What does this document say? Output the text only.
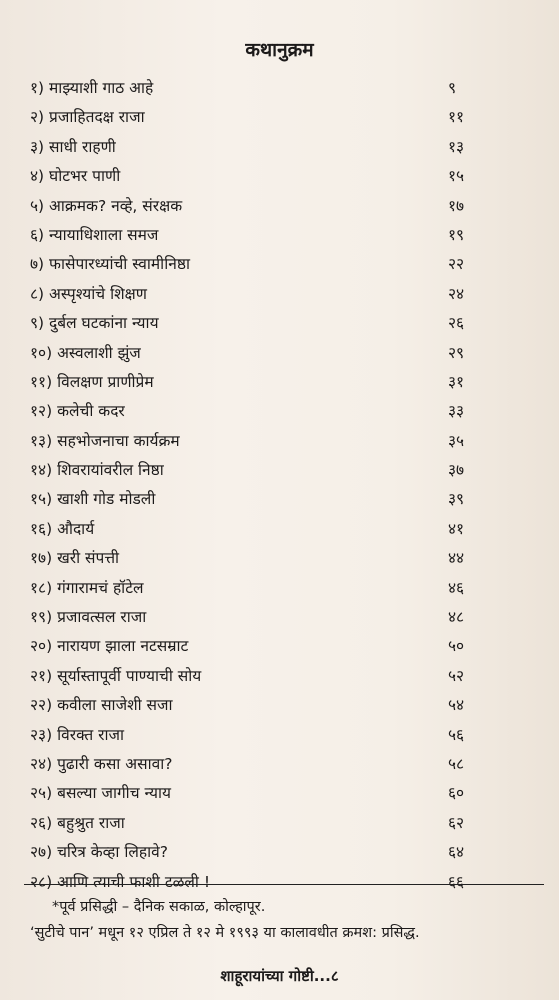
कथानुक्रम
१) माझ्याशी गाठ आहे	९
२) प्रजाहितदक्ष राजा	११
३) साधी राहणी	१३
४) घोटभर पाणी	१५
५) आक्रमक? नव्हे, संरक्षक	१७
६) न्यायाधिशाला समज	१९
७) फासेपारध्यांची स्वामीनिष्ठा	२२
८) अस्पृश्यांचे शिक्षण	२४
९) दुर्बल घटकांना न्याय	२६
१०) अस्वलाशी झुंज	२९
११) विलक्षण प्राणीप्रेम	३१
१२) कलेची कदर	३३
१३) सहभोजनाचा कार्यक्रम	३५
१४) शिवरायांवरील निष्ठा	३७
१५) खाशी गोड मोडली	३९
१६) औदार्य	४१
१७) खरी संपत्ती	४४
१८) गंगारामचं हॉटेल	४६
१९) प्रजावत्सल राजा	४८
२०) नारायण झाला नटसम्राट	५०
२१) सूर्यास्तापूर्वी पाण्याची सोय	५२
२२) कवीला साजेशी सजा	५४
२३) विरक्त राजा	५६
२४) पुढारी कसा असावा?	५८
२५) बसल्या जागीच न्याय	६०
२६) बहुश्रुत राजा	६२
२७) चरित्र केव्हा लिहावे?	६४
२८) आणि त्याची फाशी टळली !	६६
*पूर्व प्रसिद्धी – दैनिक सकाळ, कोल्हापूर.
‘सुटीचे पान’ मधून १२ एप्रिल ते १२ मे १९९३ या कालावधीत क्रमश: प्रसिद्ध.
शाहूरायांच्या गोष्टी...८
